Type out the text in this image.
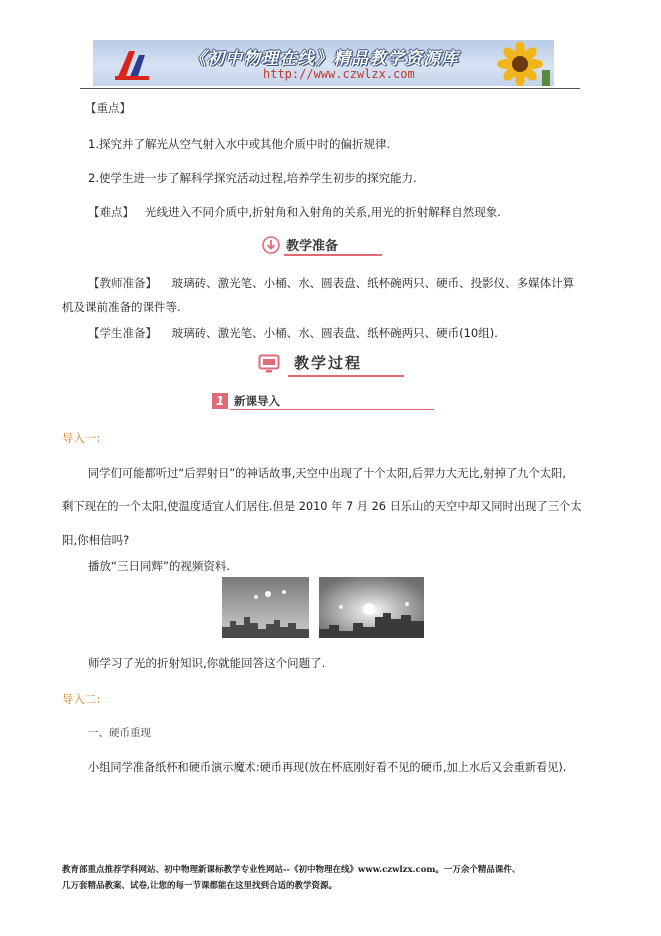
《初中物理在线》精品教学资源库
http://www.czwlzx.com
【重点】
1.探究并了解光从空气射入水中或其他介质中时的偏折规律.
2.使学生进一步了解科学探究活动过程,培养学生初步的探究能力.
【难点】 光线进入不同介质中,折射角和入射角的关系,用光的折射解释自然现象.
教学准备
【教师准备】 玻璃砖、激光笔、小桶、水、圆表盘、纸杯碗两只、硬币、投影仪、多媒体计算
机及课前准备的课件等.
【学生准备】 玻璃砖、激光笔、小桶、水、圆表盘、纸杯碗两只、硬币(10组).
教学过程
1 新课导入
导入一:
同学们可能都听过“后羿射日”的神话故事,天空中出现了十个太阳,后羿力大无比,射掉了九个太阳,
剩下现在的一个太阳,使温度适宜人们居住.但是 2010 年 7 月 26 日乐山的天空中却又同时出现了三个太
阳,你相信吗?
播放“三日同辉”的视频资料.
师学习了光的折射知识,你就能回答这个问题了.
导入二:
一、硬币重现
小组同学准备纸杯和硬币演示魔术:硬币再现(放在杯底刚好看不见的硬币,加上水后又会重新看见).
教育部重点推荐学科网站、初中物理新课标教学专业性网站--《初中物理在线》www.czwlzx.com。一万余个精品课件、
几万套精品教案、试卷,让您的每一节课都能在这里找到合适的教学资源。
